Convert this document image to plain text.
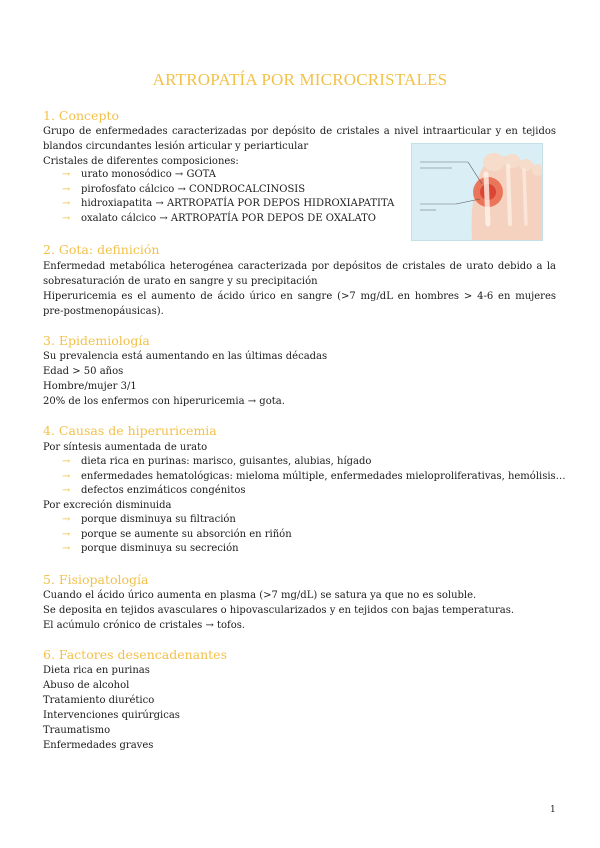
ARTROPATÍA POR MICROCRISTALES
1. Concepto
Grupo de enfermedades caracterizadas por depósito de cristales a nivel intraarticular y en tejidos
blandos circundantes lesión articular y periarticular
Cristales de diferentes composiciones:
→ urato monosódico → GOTA
→ pirofosfato cálcico → CONDROCALCINOSIS
→ hidroxiapatita → ARTROPATÍA POR DEPOS HIDROXIAPATITA
→ oxalato cálcico → ARTROPATÍA POR DEPOS DE OXALATO
2. Gota: definición
Enfermedad metabólica heterogénea caracterizada por depósitos de cristales de urato debido a la
sobresaturación de urato en sangre y su precipitación
Hiperuricemia es el aumento de ácido úrico en sangre (>7 mg/dL en hombres > 4-6 en mujeres
pre-postmenopáusicas).
3. Epidemiología
Su prevalencia está aumentando en las últimas décadas
Edad > 50 años
Hombre/mujer 3/1
20% de los enfermos con hiperuricemia → gota.
4. Causas de hiperuricemia
Por síntesis aumentada de urato
→ dieta rica en purinas: marisco, guisantes, alubias, hígado
→ enfermedades hematológicas: mieloma múltiple, enfermedades mieloproliferativas, hemólisis…
→ defectos enzimáticos congénitos
Por excreción disminuida
→ porque disminuya su filtración
→ porque se aumente su absorción en riñón
→ porque disminuya su secreción
5. Fisiopatología
Cuando el ácido úrico aumenta en plasma (>7 mg/dL) se satura ya que no es soluble.
Se deposita en tejidos avasculares o hipovascularizados y en tejidos con bajas temperaturas.
El acúmulo crónico de cristales → tofos.
6. Factores desencadenantes
Dieta rica en purinas
Abuso de alcohol
Tratamiento diurético
Intervenciones quirúrgicas
Traumatismo
Enfermedades graves
1
